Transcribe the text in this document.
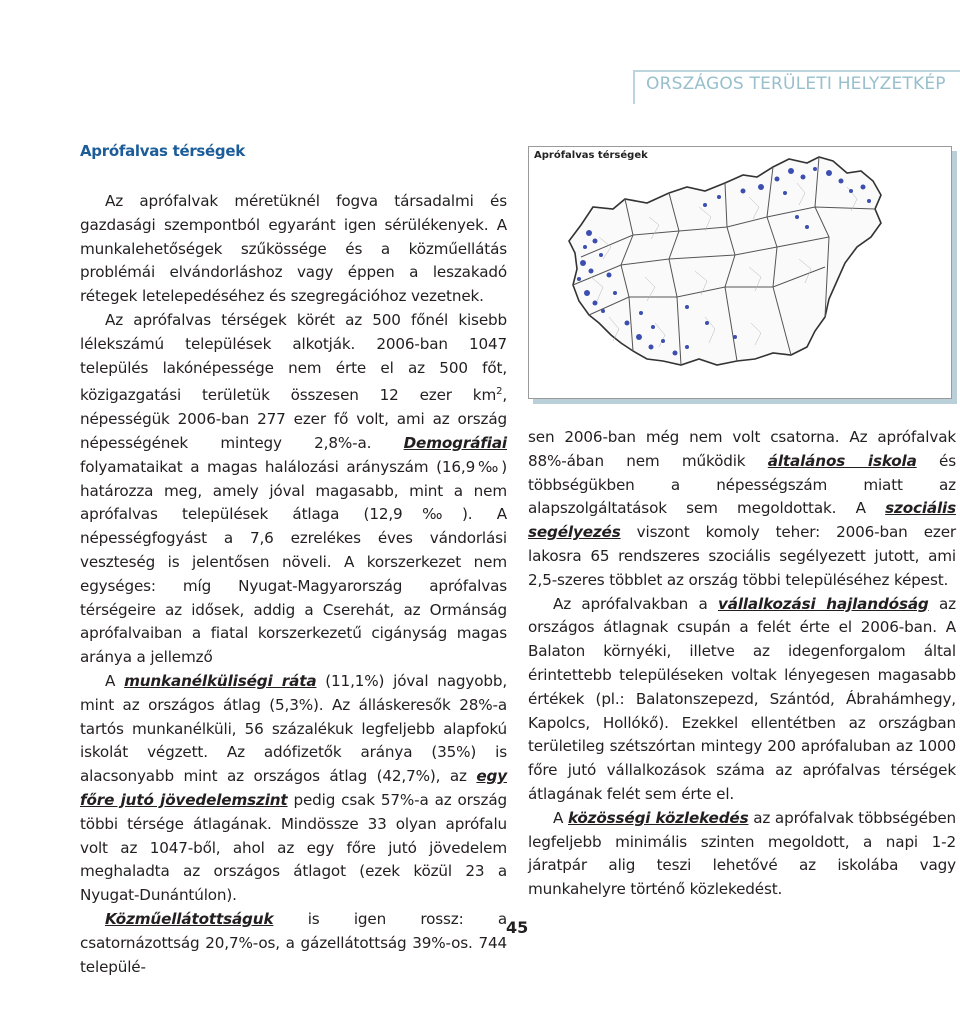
ORSZÁGOS TERÜLETI HELYZETKÉP
Aprófalvas térségek	Aprófalvas térségek

Az aprófalvak méretüknél fogva társadalmi és gazdasági szempontból egyaránt igen sérülékenyek. A munkalehetőségek szűkössége és a közműellátás problémái elvándorláshoz vagy éppen a leszakadó rétegek letelepedéséhez és szegregációhoz vezetnek.

Az aprófalvas térségek körét az 500 főnél kisebb lélekszámú települések alkotják. 2006-ban 1047 település lakónépessége nem érte el az 500 főt, közigazgatási területük összesen 12 ezer $km^2$, népességük 2006-ban 277 ezer fő volt, ami az ország népességének mintegy 2,8%-a. Demográfiai folyamataikat a magas halálozási arányszám (16,9‰) határozza meg, amely jóval magasabb, mint a nem aprófalvas települések átlaga (12,9‰). A népességfogyást a 7,6 ezrelékes éves vándorlási veszteség is jelentősen növeli. A korszerkezet nem egységes: míg Nyugat-Magyarország aprófalvas térségeire az idősek, addig a Cserehát, az Ormánság aprófalvaiban a fiatal korszerkezetű cigányság magas aránya a jellemző

A munkanélküliségi ráta (11,1%) jóval nagyobb, mint az országos átlag (5,3%). Az álláskeresők 28%-a tartós munkanélküli, 56 százalékuk legfeljebb alapfokú iskolát végzett. Az adófizetők aránya (35%) is alacsonyabb mint az országos átlag (42,7%), az egy főre jutó jövedelemszint pedig csak 57%-a az ország többi térsége átlagának. Mindössze 33 olyan aprófalu volt az 1047-ből, ahol az egy főre jutó jövedelem meghaladta az országos átlagot (ezek közül 23 a Nyugat-Dunántúlon).

Közműellátottságuk is igen rossz: a csatornázottság 20,7%-os, a gázellátottság 39%-os. 744 települé-

sen 2006-ban még nem volt csatorna. Az aprófalvak 88%-ában nem működik általános iskola és többségükben a népességszám miatt az alapszolgáltatások sem megoldottak. A szociális segélyezés viszont komoly teher: 2006-ban ezer lakosra 65 rendszeres szociális segélyezett jutott, ami 2,5-szeres többlet az ország többi településéhez képest.

Az aprófalvakban a vállalkozási hajlandóság az országos átlagnak csupán a felét érte el 2006-ban. A Balaton környéki, illetve az idegenforgalom által érintettebb településeken voltak lényegesen magasabb értékek (pl.: Balatonszepezd, Szántód, Ábrahámhegy, Kapolcs, Hollókő). Ezekkel ellentétben az országban területileg szétszórtan mintegy 200 aprófaluban az 1000 főre jutó vállalkozások száma az aprófalvas térségek átlagának felét sem érte el.

A közösségi közlekedés az aprófalvak többségében legfeljebb minimális szinten megoldott, a napi 1-2 járatpár alig teszi lehetővé az iskolába vagy munkahelyre történő közlekedést.

45
